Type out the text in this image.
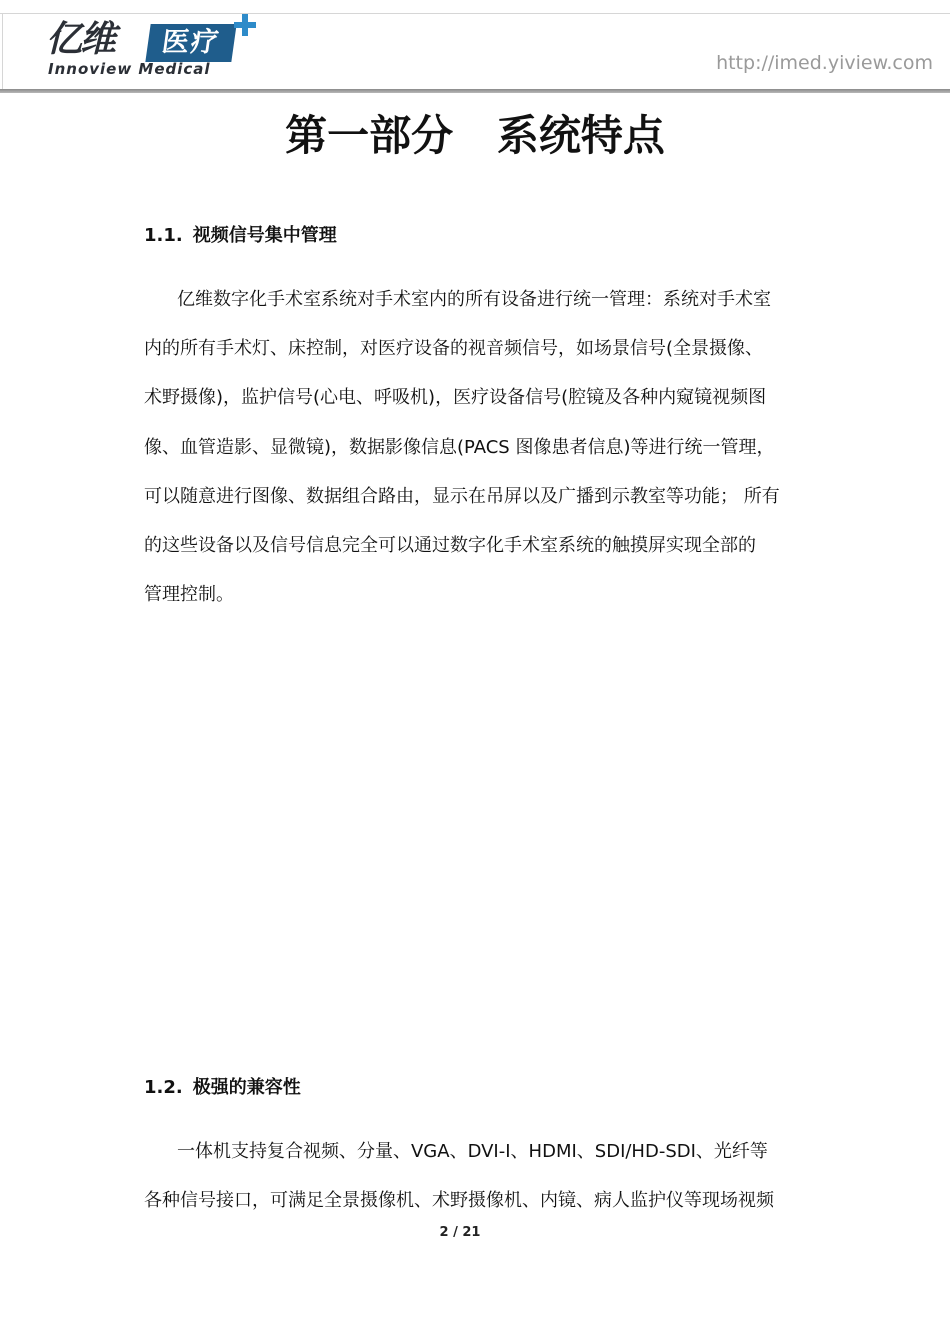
亿维	医疗
Innoview Medical	http://imed.yiview.com
第一部分   系统特点
1.1. 视频信号集中管理
亿维数字化手术室系统对手术室内的所有设备进行统一管理：系统对手术室
内的所有手术灯、床控制，对医疗设备的视音频信号，如场景信号(全景摄像、
术野摄像)，监护信号(心电、呼吸机)，医疗设备信号(腔镜及各种内窥镜视频图
像、血管造影、显微镜)，数据影像信息(PACS 图像患者信息)等进行统一管理，
可以随意进行图像、数据组合路由，显示在吊屏以及广播到示教室等功能； 所有
的这些设备以及信号信息完全可以通过数字化手术室系统的触摸屏实现全部的
管理控制。
1.2. 极强的兼容性
一体机支持复合视频、分量、VGA、DVI-I、HDMI、SDI/HD-SDI、光纤等
各种信号接口，可满足全景摄像机、术野摄像机、内镜、病人监护仪等现场视频
2 / 21
